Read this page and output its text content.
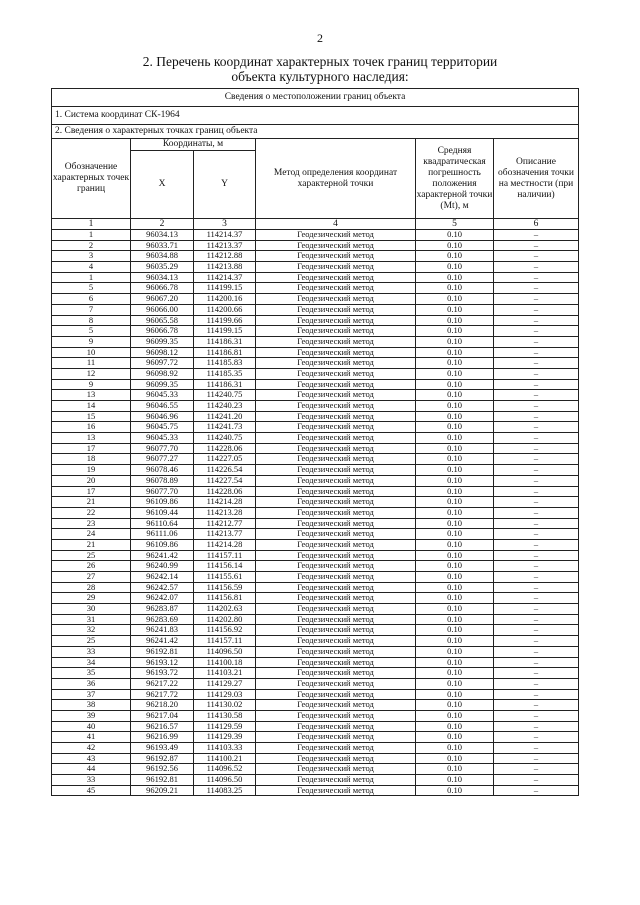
2
2. Перечень координат характерных точек границ территории
объекта культурного наследия:
Сведения о местоположении границ объекта					
1. Система координат СК-1964					
2. Сведения о характерных точках границ объекта					
Обозначение характерных точек границ	Координаты, м		Метод определения координат характерной точки	Средняя квадратическая погрешность положения характерной точки (Mt), м	Описание обозначения точки на местности (при наличии)
	X	Y			
1	2	3	4	5	6
1	96034.13	114214.37	Геодезический метод	0.10	–
2	96033.71	114213.37	Геодезический метод	0.10	–
3	96034.88	114212.88	Геодезический метод	0.10	–
4	96035.29	114213.88	Геодезический метод	0.10	–
1	96034.13	114214.37	Геодезический метод	0.10	–
5	96066.78	114199.15	Геодезический метод	0.10	–
6	96067.20	114200.16	Геодезический метод	0.10	–
7	96066.00	114200.66	Геодезический метод	0.10	–
8	96065.58	114199.66	Геодезический метод	0.10	–
5	96066.78	114199.15	Геодезический метод	0.10	–
9	96099.35	114186.31	Геодезический метод	0.10	–
10	96098.12	114186.81	Геодезический метод	0.10	–
11	96097.72	114185.83	Геодезический метод	0.10	–
12	96098.92	114185.35	Геодезический метод	0.10	–
9	96099.35	114186.31	Геодезический метод	0.10	–
13	96045.33	114240.75	Геодезический метод	0.10	–
14	96046.55	114240.23	Геодезический метод	0.10	–
15	96046.96	114241.20	Геодезический метод	0.10	–
16	96045.75	114241.73	Геодезический метод	0.10	–
13	96045.33	114240.75	Геодезический метод	0.10	–
17	96077.70	114228.06	Геодезический метод	0.10	–
18	96077.27	114227.05	Геодезический метод	0.10	–
19	96078.46	114226.54	Геодезический метод	0.10	–
20	96078.89	114227.54	Геодезический метод	0.10	–
17	96077.70	114228.06	Геодезический метод	0.10	–
21	96109.86	114214.28	Геодезический метод	0.10	–
22	96109.44	114213.28	Геодезический метод	0.10	–
23	96110.64	114212.77	Геодезический метод	0.10	–
24	96111.06	114213.77	Геодезический метод	0.10	–
21	96109.86	114214.28	Геодезический метод	0.10	–
25	96241.42	114157.11	Геодезический метод	0.10	–
26	96240.99	114156.14	Геодезический метод	0.10	–
27	96242.14	114155.61	Геодезический метод	0.10	–
28	96242.57	114156.59	Геодезический метод	0.10	–
29	96242.07	114156.81	Геодезический метод	0.10	–
30	96283.87	114202.63	Геодезический метод	0.10	–
31	96283.69	114202.80	Геодезический метод	0.10	–
32	96241.83	114156.92	Геодезический метод	0.10	–
25	96241.42	114157.11	Геодезический метод	0.10	–
33	96192.81	114096.50	Геодезический метод	0.10	–
34	96193.12	114100.18	Геодезический метод	0.10	–
35	96193.72	114103.21	Геодезический метод	0.10	–
36	96217.22	114129.27	Геодезический метод	0.10	–
37	96217.72	114129.03	Геодезический метод	0.10	–
38	96218.20	114130.02	Геодезический метод	0.10	–
39	96217.04	114130.58	Геодезический метод	0.10	–
40	96216.57	114129.59	Геодезический метод	0.10	–
41	96216.99	114129.39	Геодезический метод	0.10	–
42	96193.49	114103.33	Геодезический метод	0.10	–
43	96192.87	114100.21	Геодезический метод	0.10	–
44	96192.56	114096.52	Геодезический метод	0.10	–
33	96192.81	114096.50	Геодезический метод	0.10	–
45	96209.21	114083.25	Геодезический метод	0.10	–
